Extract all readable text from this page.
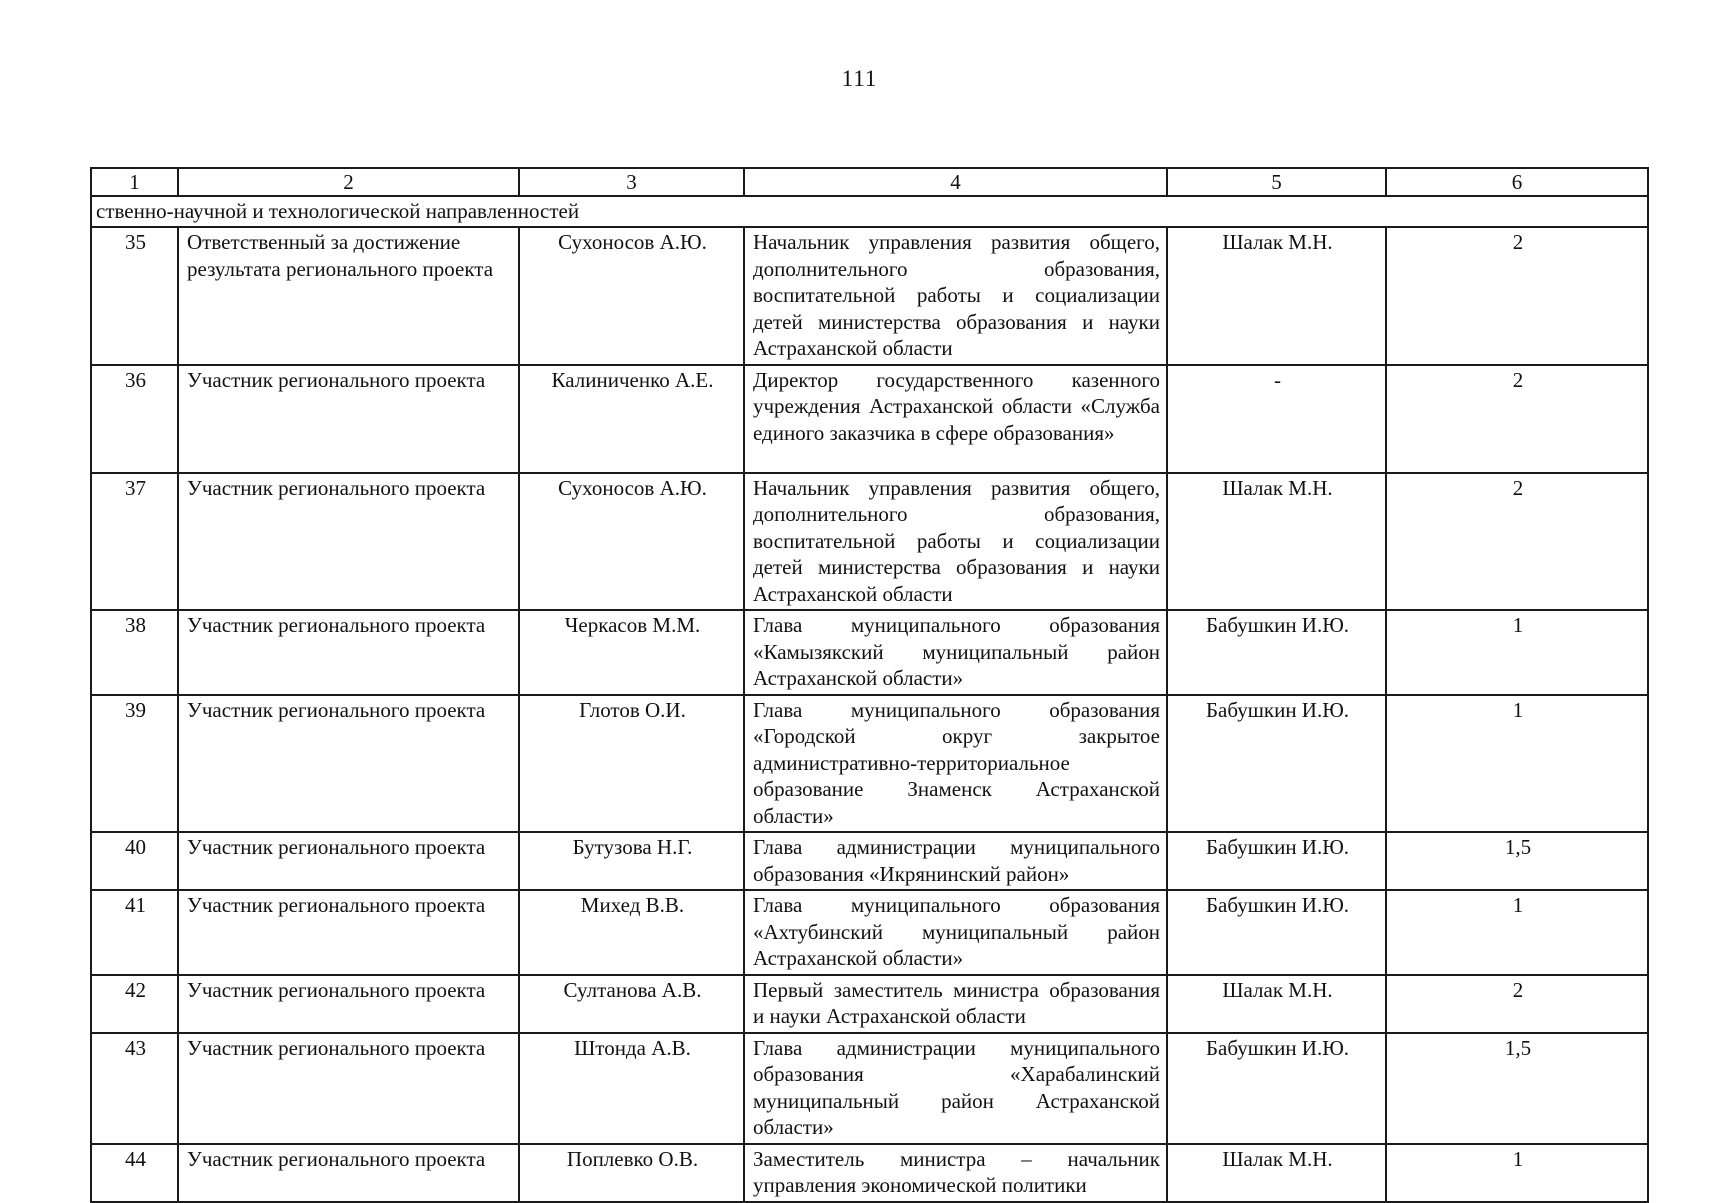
111
1	2	3	4	5	6
ственно-научной и технологической направленностей					
35	Ответственный за достижение результата регионального проекта	Сухоносов А.Ю.	Начальник управления развития общего, дополнительного образования, воспитательной работы и социализации детей министерства образования и науки Астраханской области	Шалак М.Н.	2
36	Участник регионального проекта	Калиниченко А.Е.	Директор государственного казенного учреждения Астраханской области «Служба единого заказчика в сфере образования»	-	2
37	Участник регионального проекта	Сухоносов А.Ю.	Начальник управления развития общего, дополнительного образования, воспитательной работы и социализации детей министерства образования и науки Астраханской области	Шалак М.Н.	2
38	Участник регионального проекта	Черкасов М.М.	Глава муниципального образования «Камызякский муниципальный район Астраханской области»	Бабушкин И.Ю.	1
39	Участник регионального проекта	Глотов О.И.	Глава муниципального образования «Городской округ закрытое административно-территориальное образование Знаменск Астраханской области»	Бабушкин И.Ю.	1
40	Участник регионального проекта	Бутузова Н.Г.	Глава администрации муниципального образования «Икрянинский район»	Бабушкин И.Ю.	1,5
41	Участник регионального проекта	Михед В.В.	Глава муниципального образования «Ахтубинский муниципальный район Астраханской области»	Бабушкин И.Ю.	1
42	Участник регионального проекта	Султанова А.В.	Первый заместитель министра образования и науки Астраханской области	Шалак М.Н.	2
43	Участник регионального проекта	Штонда А.В.	Глава администрации муниципального образования «Харабалинский муниципальный район Астраханской области»	Бабушкин И.Ю.	1,5
44	Участник регионального проекта	Поплевко О.В.	Заместитель министра – начальник управления экономической политики	Шалак М.Н.	1
